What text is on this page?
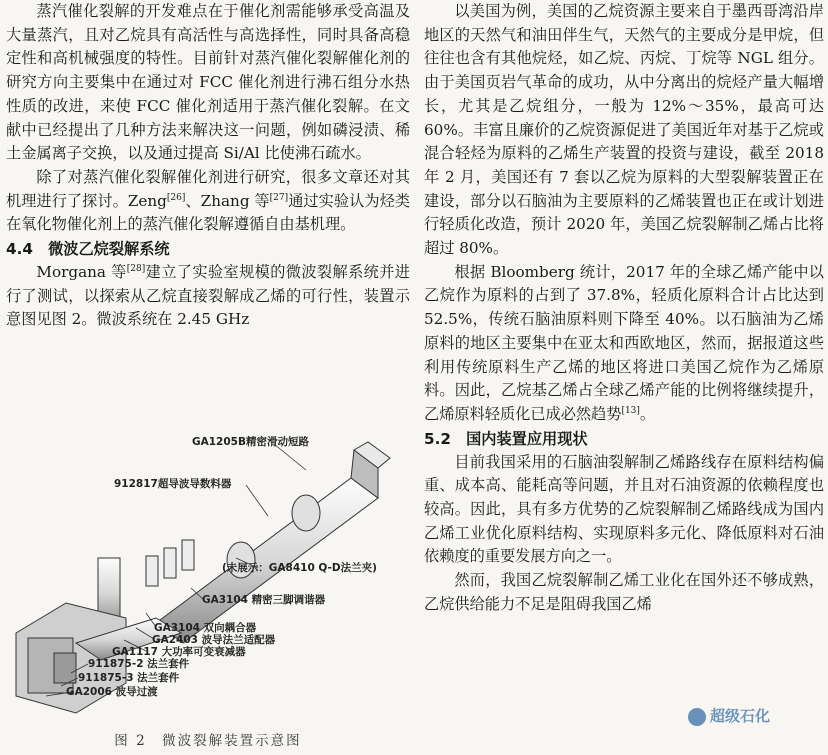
蒸汽催化裂解的开发难点在于催化剂需能够承受高温及大量蒸汽，且对乙烷具有高活性与高选择性，同时具备高稳定性和高机械强度的特性。目前针对蒸汽催化裂解催化剂的研究方向主要集中在通过对 FCC 催化剂进行沸石组分水热性质的改进，来使 FCC 催化剂适用于蒸汽催化裂解。在文献中已经提出了几种方法来解决这一问题，例如磷浸渍、稀土金属离子交换，以及通过提高 Si/Al 比使沸石疏水。

除了对蒸汽催化裂解催化剂进行研究，很多文章还对其机理进行了探讨。Zeng[26]、Zhang 等[27]通过实验认为烃类在氧化物催化剂上的蒸汽催化裂解遵循自由基机理。

4.4　微波乙烷裂解系统

Morgana 等[28]建立了实验室规模的微波裂解系统并进行了测试，以探索从乙烷直接裂解成乙烯的可行性，装置示意图见图 2。微波系统在 2.45 GHz

GA1205B精密滑动短路
912817超导波导数料器
(未展示：GA8410 Q-D法兰夹)
GA3104 精密三脚调谐器
GA3104 双向耦合器
GA2403 波导法兰适配器
GA1117 大功率可变衰减器
911875-2 法兰套件
911875-3 法兰套件
GA2006 波导过渡
图 2　微波裂解装置示意图

以美国为例，美国的乙烷资源主要来自于墨西哥湾沿岸地区的天然气和油田伴生气，天然气的主要成分是甲烷，但往往也含有其他烷烃，如乙烷、丙烷、丁烷等 NGL 组分。由于美国页岩气革命的成功，从中分离出的烷烃产量大幅增长，尤其是乙烷组分，一般为 12%～35%，最高可达 60%。丰富且廉价的乙烷资源促进了美国近年对基于乙烷或混合轻烃为原料的乙烯生产装置的投资与建设，截至 2018 年 2 月，美国还有 7 套以乙烷为原料的大型裂解装置正在建设，部分以石脑油为主要原料的乙烯装置也正在或计划进行轻质化改造，预计 2020 年，美国乙烷裂解制乙烯占比将超过 80%。

根据 Bloomberg 统计，2017 年的全球乙烯产能中以乙烷作为原料的占到了 37.8%，轻质化原料合计占比达到 52.5%，传统石脑油原料则下降至 40%。以石脑油为乙烯原料的地区主要集中在亚太和西欧地区，然而，据报道这些利用传统原料生产乙烯的地区将进口美国乙烷作为乙烯原料。因此，乙烷基乙烯占全球乙烯产能的比例将继续提升，乙烯原料轻质化已成必然趋势[13]。

5.2　国内装置应用现状

目前我国采用的石脑油裂解制乙烯路线存在原料结构偏重、成本高、能耗高等问题，并且对石油资源的依赖程度也较高。因此，具有多方优势的乙烷裂解制乙烯路线成为国内乙烯工业优化原料结构、实现原料多元化、降低原料对石油依赖度的重要发展方向之一。

然而，我国乙烷裂解制乙烯工业化在国外还不够成熟，乙烷供给能力不足是阻碍我国乙烯

超级石化
